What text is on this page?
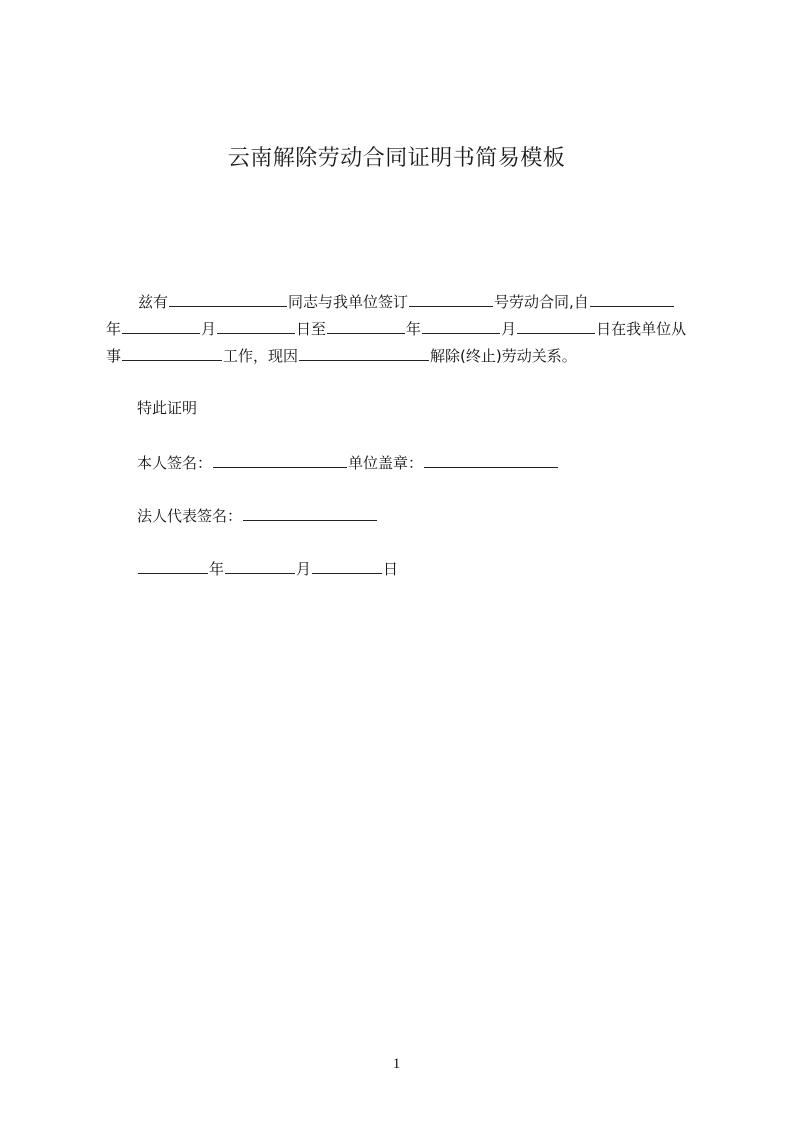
云南解除劳动合同证明书简易模板
兹有	同志与我单位签订	号劳动合同,自
年	月	日至	年	月	日在我单位从
事	工作，现因	解除(终止)劳动关系。
特此证明
本人签名：	单位盖章：
法人代表签名：
年	月	日
1
